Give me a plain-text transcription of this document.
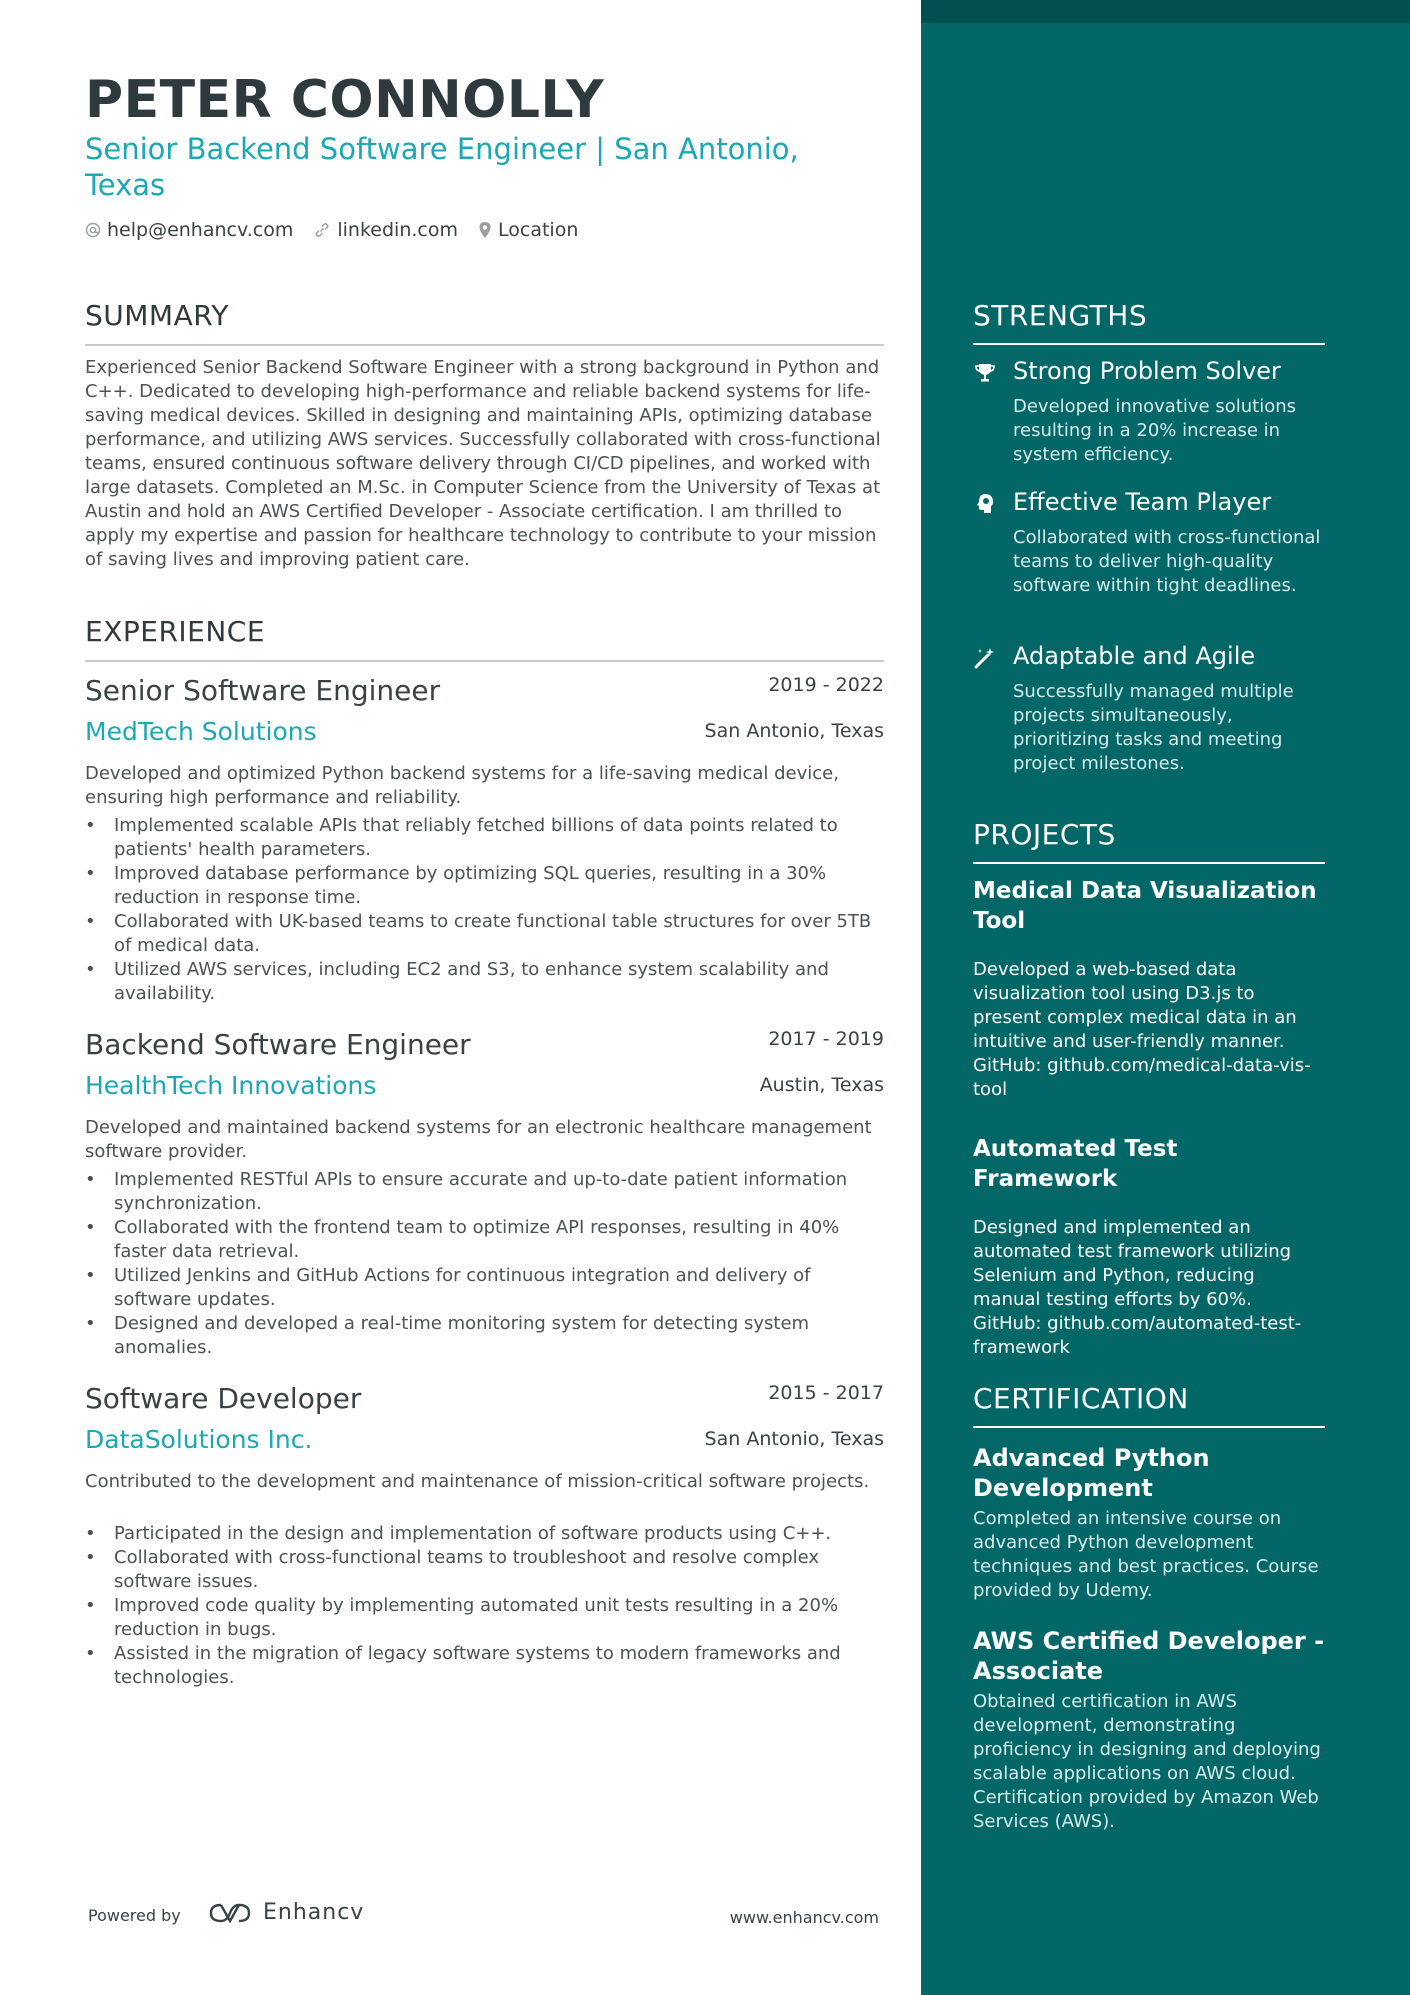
PETER CONNOLLY

Senior Backend Software Engineer | San Antonio, Texas

help@enhancv.com linkedin.com Location
SUMMARY

Experienced Senior Backend Software Engineer with a strong background in Python and C++. Dedicated to developing high-performance and reliable backend systems for life-saving medical devices. Skilled in designing and maintaining APIs, optimizing database performance, and utilizing AWS services. Successfully collaborated with cross-functional teams, ensured continuous software delivery through CI/CD pipelines, and worked with large datasets. Completed an M.Sc. in Computer Science from the University of Texas at Austin and hold an AWS Certified Developer - Associate certification. I am thrilled to apply my expertise and passion for healthcare technology to contribute to your mission of saving lives and improving patient care.

EXPERIENCE
Senior Software Engineer	2019 - 2022
MedTech Solutions	San Antonio, Texas

Developed and optimized Python backend systems for a life-saving medical device, ensuring high performance and reliability.

• Implemented scalable APIs that reliably fetched billions of data points related to patients' health parameters.
• Improved database performance by optimizing SQL queries, resulting in a 30% reduction in response time.
• Collaborated with UK-based teams to create functional table structures for over 5TB of medical data.
• Utilized AWS services, including EC2 and S3, to enhance system scalability and availability.
Backend Software Engineer	2017 - 2019
HealthTech Innovations	Austin, Texas

Developed and maintained backend systems for an electronic healthcare management software provider.

• Implemented RESTful APIs to ensure accurate and up-to-date patient information synchronization.
• Collaborated with the frontend team to optimize API responses, resulting in 40% faster data retrieval.
• Utilized Jenkins and GitHub Actions for continuous integration and delivery of software updates.
• Designed and developed a real-time monitoring system for detecting system anomalies.
Software Developer	2015 - 2017
DataSolutions Inc.	San Antonio, Texas

Contributed to the development and maintenance of mission-critical software projects.

• Participated in the design and implementation of software products using C++.
• Collaborated with cross-functional teams to troubleshoot and resolve complex software issues.
• Improved code quality by implementing automated unit tests resulting in a 20% reduction in bugs.
• Assisted in the migration of legacy software systems to modern frameworks and technologies.
Powered by	Enhancv	www.enhancv.com
STRENGTHS
Strong Problem Solver

Developed innovative solutions resulting in a 20% increase in system efficiency.

Effective Team Player

Collaborated with cross-functional teams to deliver high-quality software within tight deadlines.

Adaptable and Agile

Successfully managed multiple projects simultaneously, prioritizing tasks and meeting project milestones.

PROJECTS
Medical Data Visualization Tool

Developed a web-based data visualization tool using D3.js to present complex medical data in an intuitive and user-friendly manner. GitHub: github.com/medical-data-vis-tool

Automated Test Framework

Designed and implemented an automated test framework utilizing Selenium and Python, reducing manual testing efforts by 60%. GitHub: github.com/automated-test-framework

CERTIFICATION
Advanced Python Development

Completed an intensive course on advanced Python development techniques and best practices. Course provided by Udemy.

AWS Certified Developer - Associate

Obtained certification in AWS development, demonstrating proficiency in designing and deploying scalable applications on AWS cloud. Certification provided by Amazon Web Services (AWS).
